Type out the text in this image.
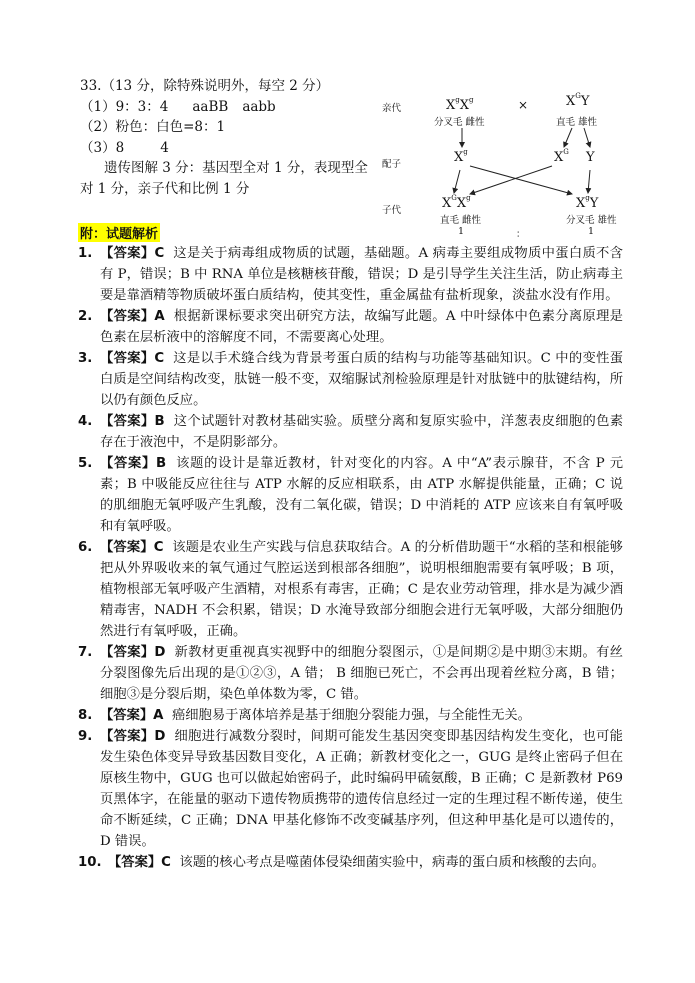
33.（13 分，除特殊说明外，每空 2 分）
（1）9：3：4 aaBB aabb
（2）粉色：白色=8：1
（3）8	4
遗传图解 3 分：基因型全对 1 分，表现型全
对 1 分，亲子代和比例 1 分
亲代	$X^gX^g$	×	$X^GY$
分叉毛 雌性	直毛 雄性
配子	$X^g$	$X^G$ Y
子代	$X^GX^g$	$X^gY$
直毛 雌性	分叉毛 雄性
1	：	1
附：试题解析
1. 【答案】C 这是关于病毒组成物质的试题，基础题。A 病毒主要组成物质中蛋白质不含有 P，错误；B 中 RNA 单位是核糖核苷酸，错误；D 是引导学生关注生活，防止病毒主要是靠酒精等物质破坏蛋白质结构，使其变性，重金属盐有盐析现象，淡盐水没有作用。
2. 【答案】A 根据新课标要求突出研究方法，故编写此题。A 中叶绿体中色素分离原理是色素在层析液中的溶解度不同，不需要离心处理。
3. 【答案】C 这是以手术缝合线为背景考蛋白质的结构与功能等基础知识。C 中的变性蛋白质是空间结构改变，肽链一般不变，双缩脲试剂检验原理是针对肽链中的肽键结构，所以仍有颜色反应。
4. 【答案】B 这个试题针对教材基础实验。质壁分离和复原实验中，洋葱表皮细胞的色素存在于液泡中，不是阴影部分。
5. 【答案】B 该题的设计是靠近教材，针对变化的内容。A 中“A”表示腺苷，不含 P 元素；B 中吸能反应往往与 ATP 水解的反应相联系，由 ATP 水解提供能量，正确；C 说的肌细胞无氧呼吸产生乳酸，没有二氧化碳，错误；D 中消耗的 ATP 应该来自有氧呼吸和有氧呼吸。
6. 【答案】C 该题是农业生产实践与信息获取结合。A 的分析借助题干“水稻的茎和根能够把从外界吸收来的氧气通过气腔运送到根部各细胞”，说明根细胞需要有氧呼吸；B 项，植物根部无氧呼吸产生酒精，对根系有毒害，正确；C 是农业劳动管理，排水是为减少酒精毒害，NADH 不会积累，错误；D 水淹导致部分细胞会进行无氧呼吸，大部分细胞仍然进行有氧呼吸，正确。
7. 【答案】D 新教材更重视真实视野中的细胞分裂图示，①是间期②是中期③末期。有丝分裂图像先后出现的是①②③，A 错； B 细胞已死亡，不会再出现着丝粒分离，B 错；细胞③是分裂后期，染色单体数为零，C 错。
8. 【答案】A 癌细胞易于离体培养是基于细胞分裂能力强，与全能性无关。
9. 【答案】D 细胞进行减数分裂时，间期可能发生基因突变即基因结构发生变化，也可能发生染色体变异导致基因数目变化，A 正确；新教材变化之一，GUG 是终止密码子但在原核生物中，GUG 也可以做起始密码子，此时编码甲硫氨酸，B 正确；C 是新教材 P69 页黑体字，在能量的驱动下遗传物质携带的遗传信息经过一定的生理过程不断传递，使生命不断延续，C 正确；DNA 甲基化修饰不改变碱基序列，但这种甲基化是可以遗传的，D 错误。
10. 【答案】C 该题的核心考点是噬菌体侵染细菌实验中，病毒的蛋白质和核酸的去向。
